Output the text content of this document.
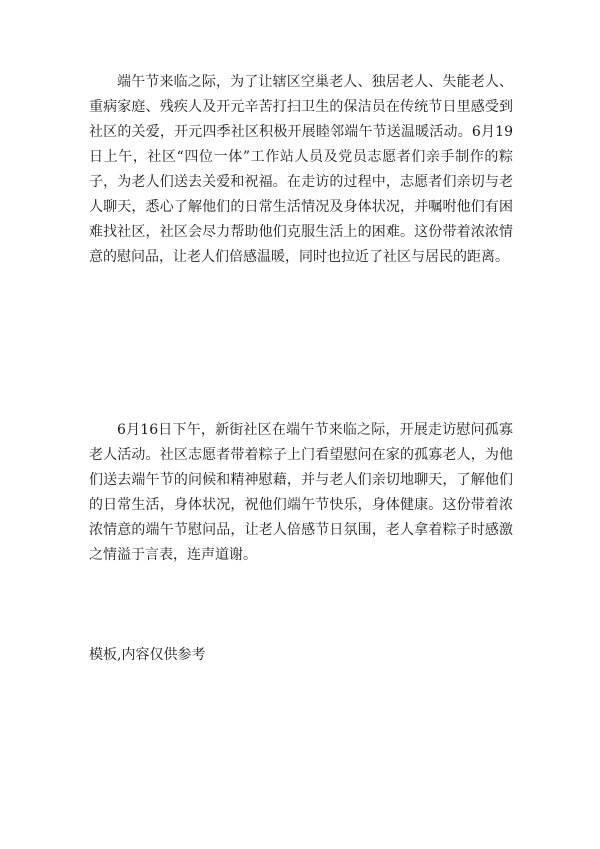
端午节来临之际，为了让辖区空巢老人、独居老人、失能老人、重病家庭、残疾人及开元辛苦打扫卫生的保洁员在传统节日里感受到社区的关爱，开元四季社区积极开展睦邻端午节送温暖活动。6月19日上午，社区“四位一体”工作站人员及党员志愿者们亲手制作的粽子，为老人们送去关爱和祝福。在走访的过程中，志愿者们亲切与老人聊天，悉心了解他们的日常生活情况及身体状况，并嘱咐他们有困难找社区，社区会尽力帮助他们克服生活上的困难。这份带着浓浓情意的慰问品，让老人们倍感温暖，同时也拉近了社区与居民的距离。

6月16日下午，新街社区在端午节来临之际，开展走访慰问孤寡老人活动。社区志愿者带着粽子上门看望慰问在家的孤寡老人，为他们送去端午节的问候和精神慰藉，并与老人们亲切地聊天，了解他们的日常生活，身体状况，祝他们端午节快乐，身体健康。这份带着浓浓情意的端午节慰问品，让老人倍感节日氛围，老人拿着粽子时感激之情溢于言表，连声道谢。

模板,内容仅供参考
